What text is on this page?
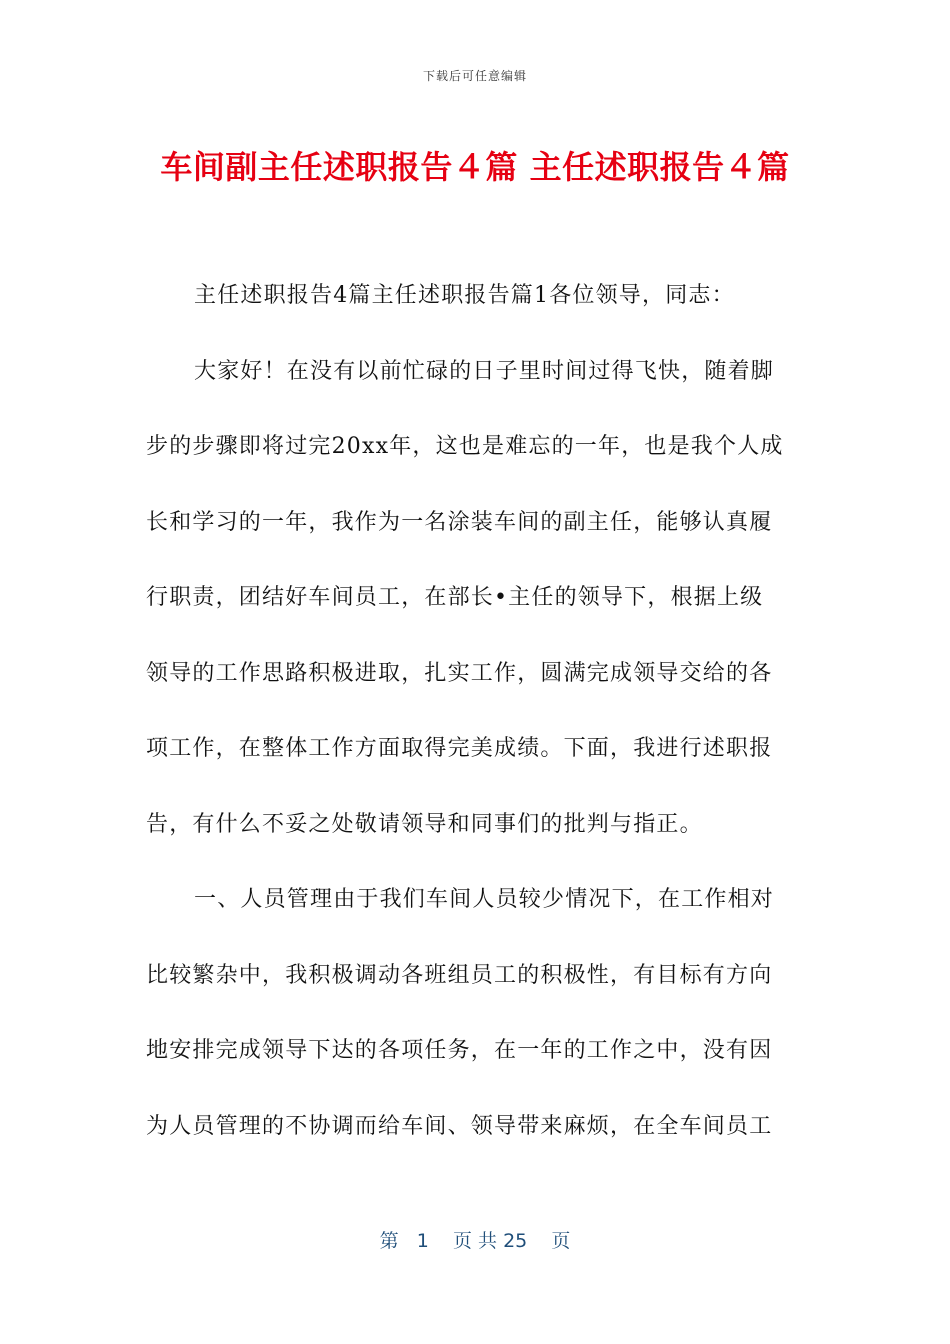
下载后可任意编辑
车间副主任述职报告４篇 主任述职报告４篇
主任述职报告4篇主任述职报告篇1各位领导，同志：
大家好！在没有以前忙碌的日子里时间过得飞快，随着脚
步的步骤即将过完20xx年，这也是难忘的一年，也是我个人成
长和学习的一年，我作为一名涂装车间的副主任，能够认真履
行职责，团结好车间员工，在部长•主任的领导下，根据上级
领导的工作思路积极进取，扎实工作，圆满完成领导交给的各
项工作，在整体工作方面取得完美成绩。下面，我进行述职报
告，有什么不妥之处敬请领导和同事们的批判与指正。
一、人员管理由于我们车间人员较少情况下，在工作相对
比较繁杂中，我积极调动各班组员工的积极性，有目标有方向
地安排完成领导下达的各项任务，在一年的工作之中，没有因
为人员管理的不协调而给车间、领导带来麻烦，在全车间员工
第 1 页 共 25 页
